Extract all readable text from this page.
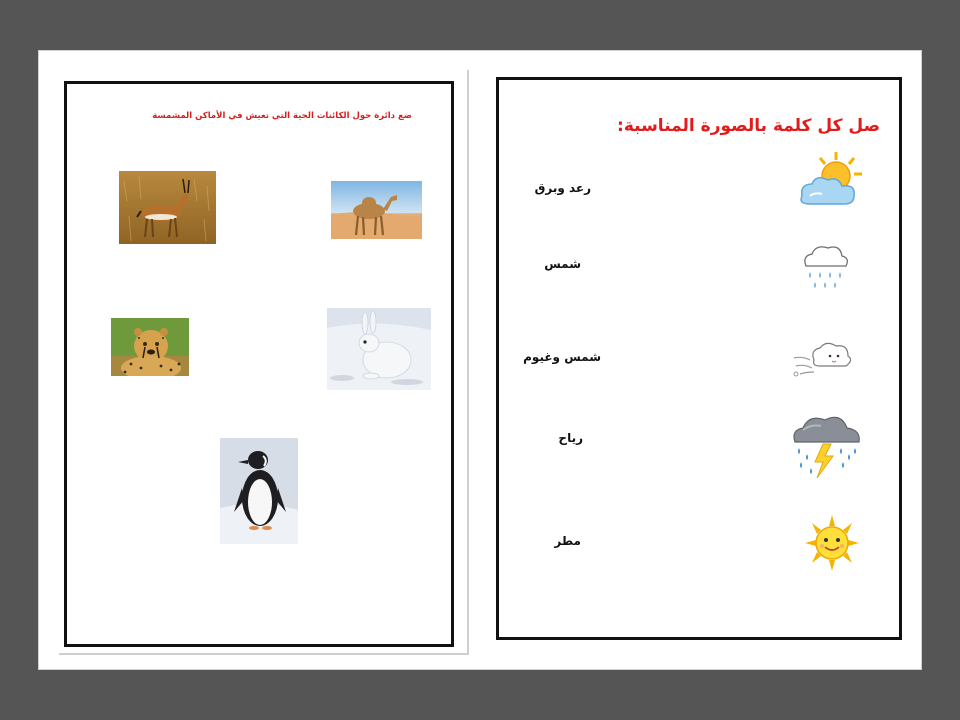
ضع دائرة حول الكائنات الحية التي تعيش في الأماكن المشمسة	صل كل كلمة بالصورة المناسبة:
رعد وبرق
شمس
شمس وغيوم
رياح
مطر
